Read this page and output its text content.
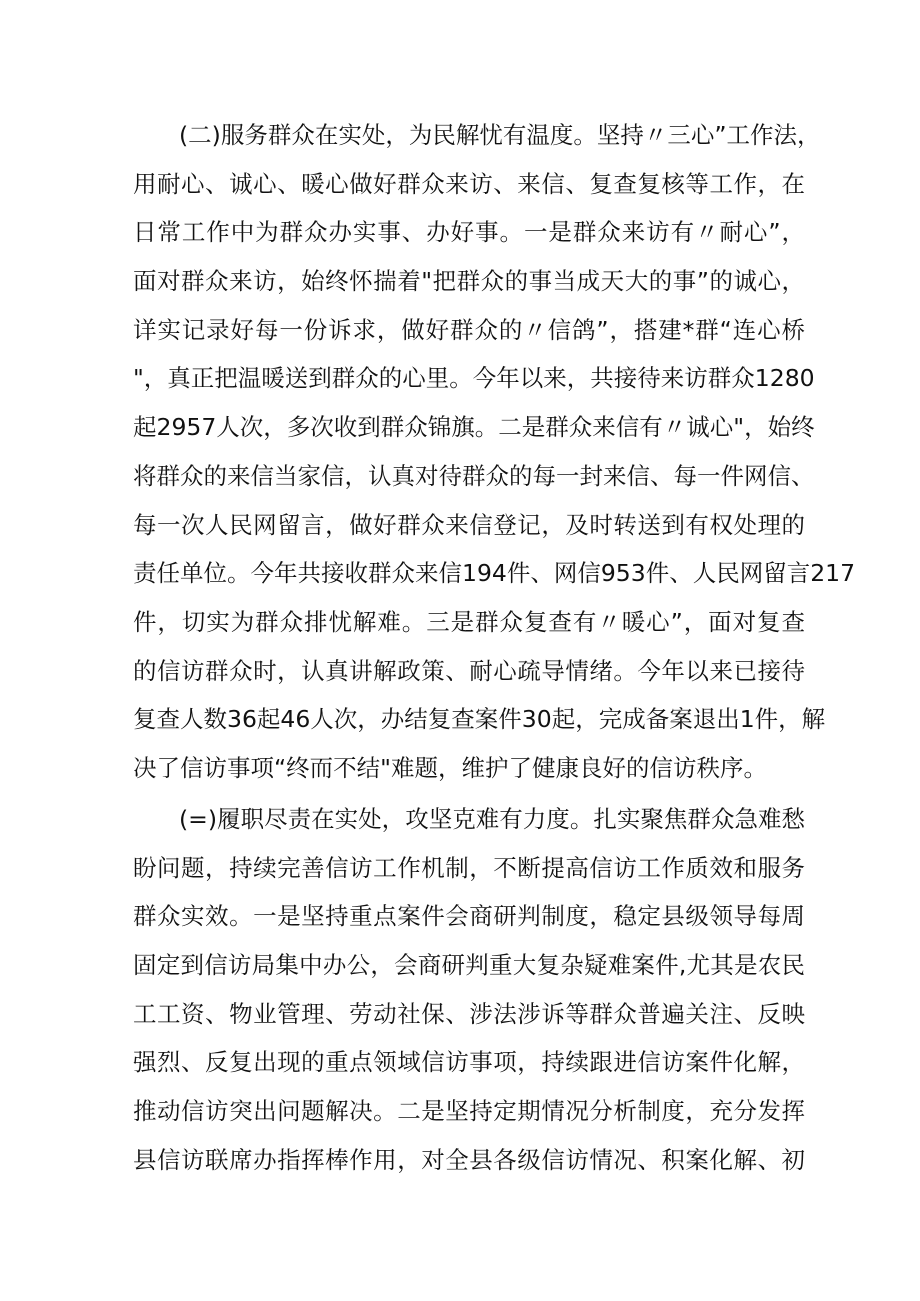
(二)服务群众在实处，为民解忧有温度。坚持〃三心”工作法，
用耐心、诚心、暖心做好群众来访、来信、复查复核等工作，在
日常工作中为群众办实事、办好事。一是群众来访有〃耐心”，
面对群众来访，始终怀揣着"把群众的事当成天大的事”的诚心，
详实记录好每一份诉求，做好群众的〃信鸽”，搭建*群“连心桥
"，真正把温暖送到群众的心里。今年以来，共接待来访群众1280
起2957人次，多次收到群众锦旗。二是群众来信有〃诚心"，始终
将群众的来信当家信，认真对待群众的每一封来信、每一件网信、
每一次人民网留言，做好群众来信登记，及时转送到有权处理的
责任单位。今年共接收群众来信194件、网信953件、人民网留言217
件，切实为群众排忧解难。三是群众复查有〃暖心”，面对复查
的信访群众时，认真讲解政策、耐心疏导情绪。今年以来已接待
复查人数36起46人次，办结复查案件30起，完成备案退出1件，解
决了信访事项“终而不结"难题，维护了健康良好的信访秩序。
(=)履职尽责在实处，攻坚克难有力度。扎实聚焦群众急难愁
盼问题，持续完善信访工作机制，不断提高信访工作质效和服务
群众实效。一是坚持重点案件会商研判制度，稳定县级领导每周
固定到信访局集中办公，会商研判重大复杂疑难案件,尤其是农民
工工资、物业管理、劳动社保、涉法涉诉等群众普遍关注、反映
强烈、反复出现的重点领域信访事项，持续跟进信访案件化解，
推动信访突出问题解决。二是坚持定期情况分析制度，充分发挥
县信访联席办指挥棒作用，对全县各级信访情况、积案化解、初
